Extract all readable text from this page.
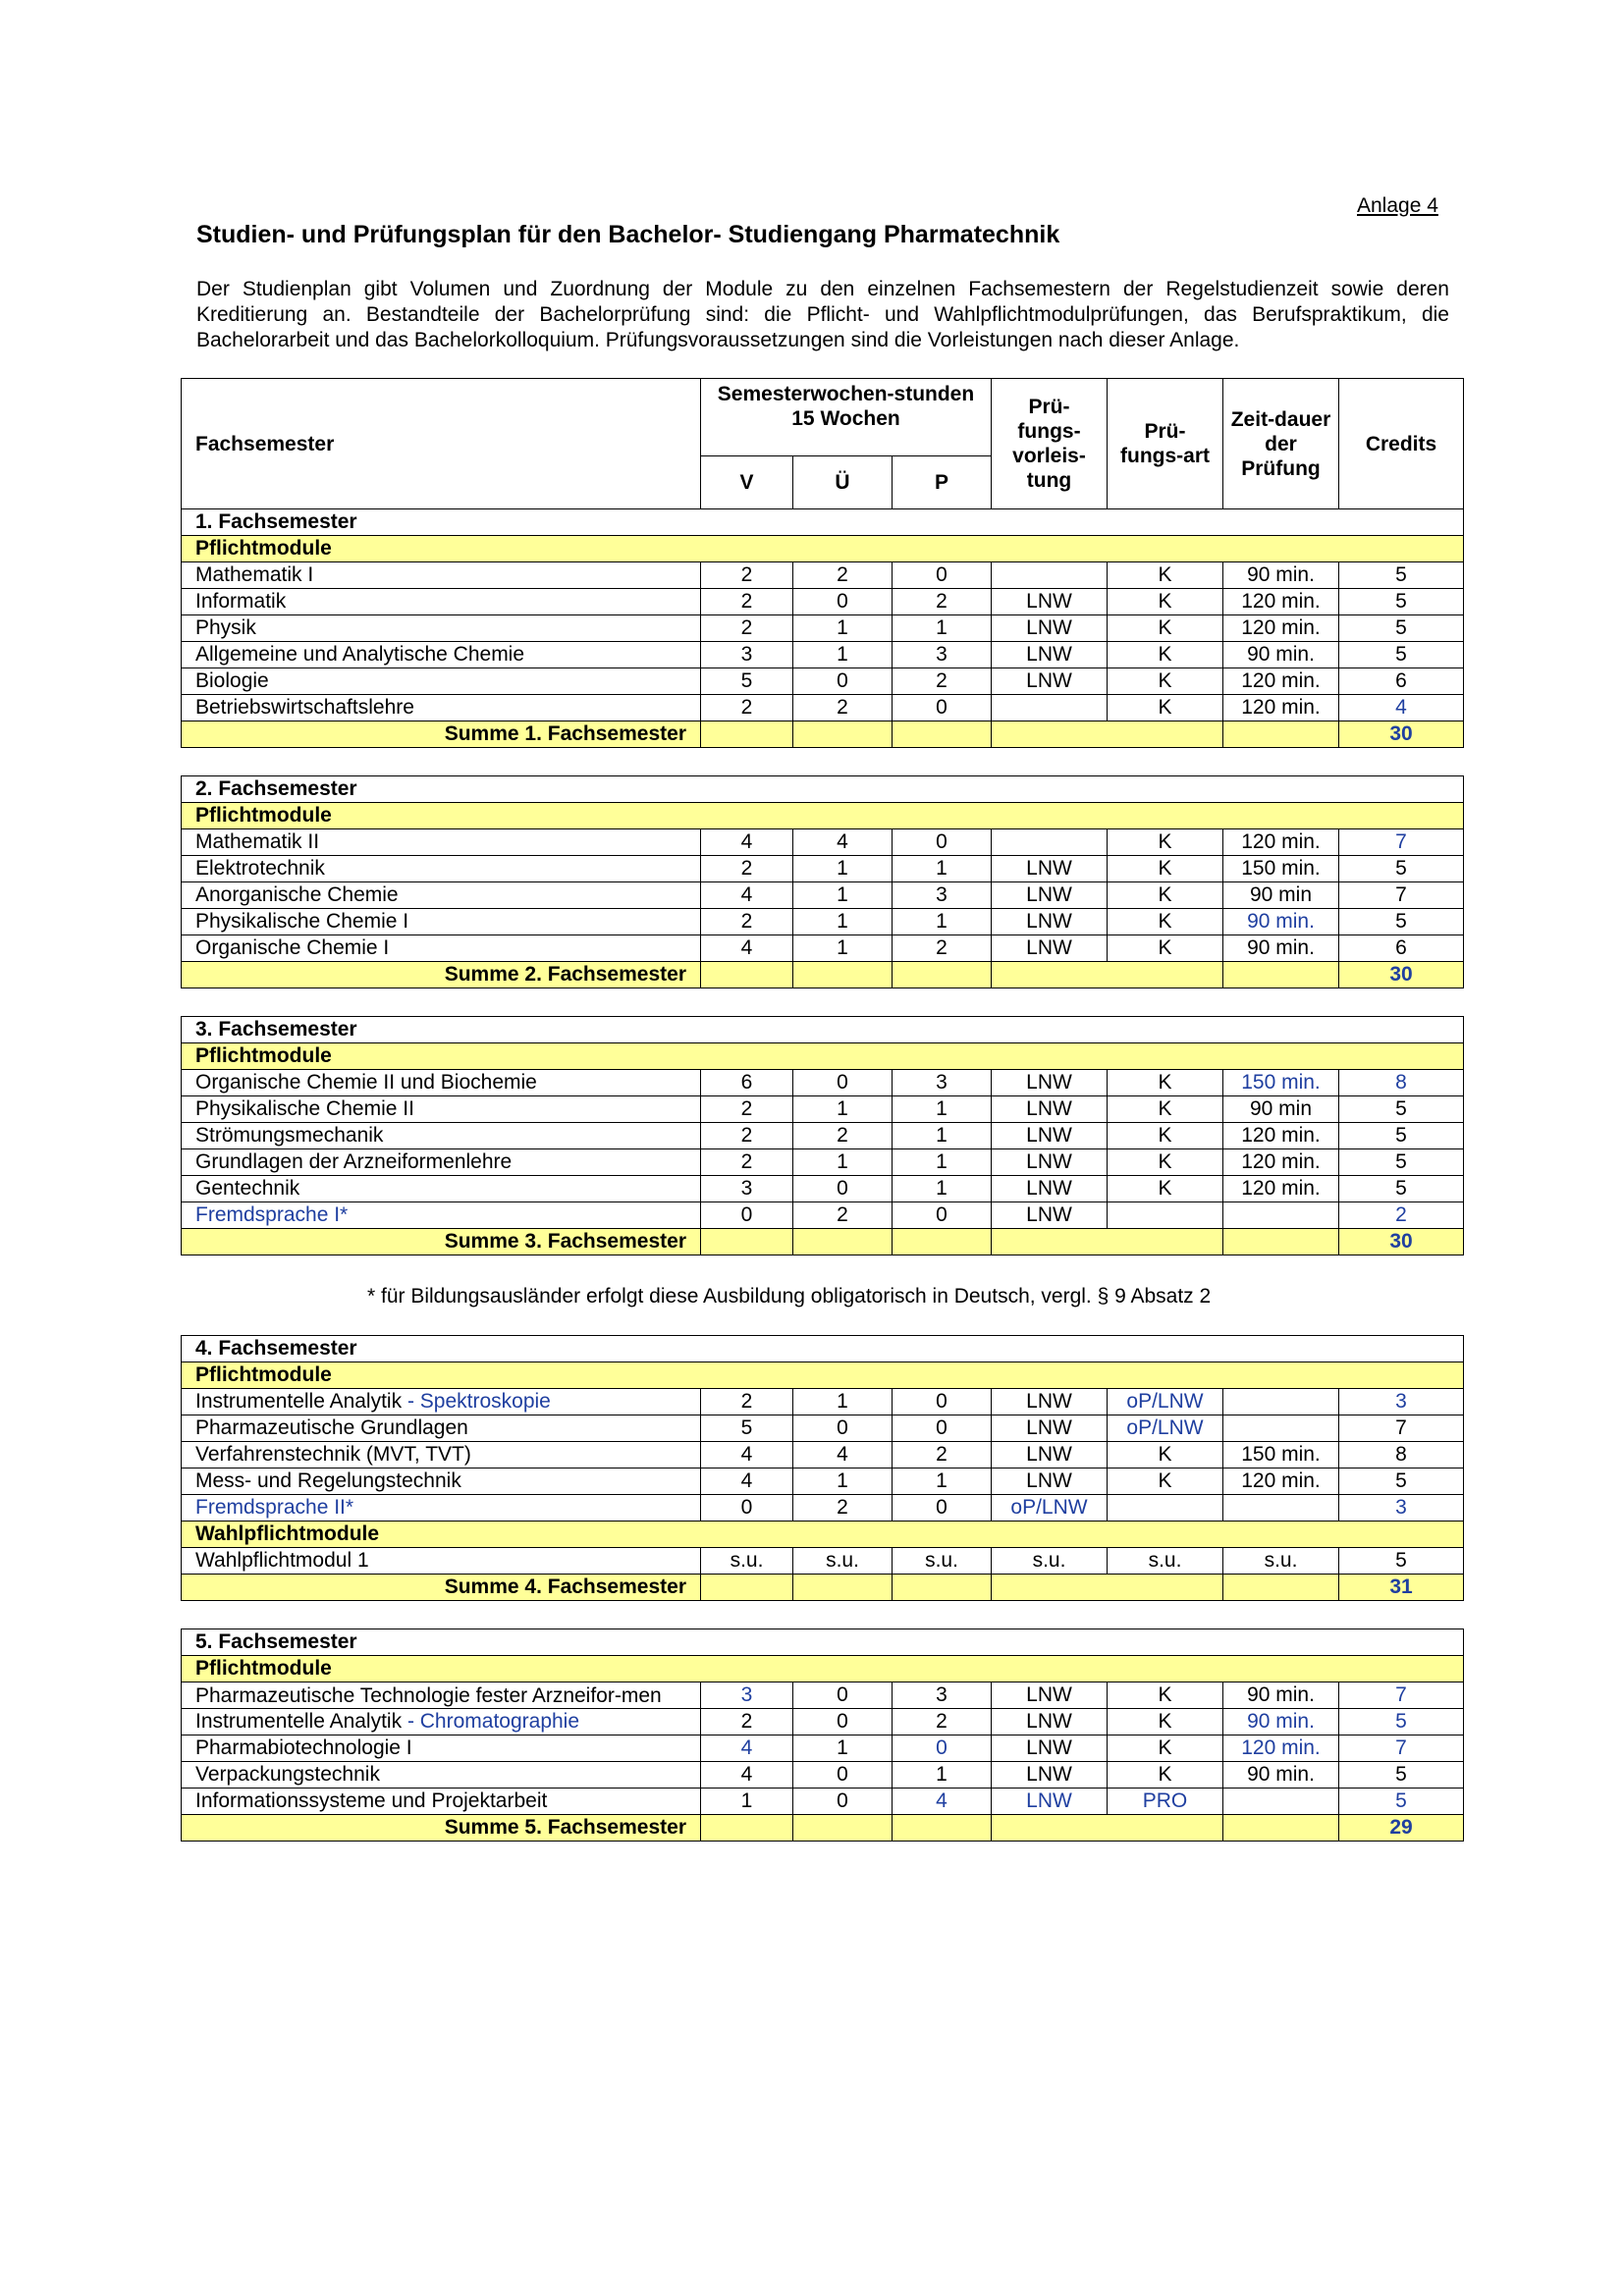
Anlage 4
Studien- und Prüfungsplan für den Bachelor- Studiengang Pharmatechnik
Der Studienplan gibt Volumen und Zuordnung der Module zu den einzelnen Fachsemestern der Regelstudienzeit sowie deren Kreditierung an. Bestandteile der Bachelorprüfung sind: die Pflicht- und Wahlpflichtmodulprüfungen, das Berufspraktikum, die Bachelorarbeit und das Bachelorkolloquium. Prüfungsvoraussetzungen sind die Vorleistungen nach dieser Anlage.
Fachsemester	Semesterwochen-stunden 15 Wochen			Prü-fungs-vorleis-tung	Prü-fungs-art	Zeit-dauer der Prüfung	Credits
	V	Ü	P				
1. Fachsemester							
Pflichtmodule							
Mathematik I	2	2	0		K	90 min.	5
Informatik	2	0	2	LNW	K	120 min.	5
Physik	2	1	1	LNW	K	120 min.	5
Allgemeine und Analytische Chemie	3	1	3	LNW	K	90 min.	5
Biologie	5	0	2	LNW	K	120 min.	6
Betriebswirtschaftslehre	2	2	0		K	120 min.	4
Summe 1. Fachsemester							30
2. Fachsemester							
Pflichtmodule							
Mathematik II	4	4	0		K	120 min.	7
Elektrotechnik	2	1	1	LNW	K	150 min.	5
Anorganische Chemie	4	1	3	LNW	K	90 min	7
Physikalische Chemie I	2	1	1	LNW	K	90 min.	5
Organische Chemie I	4	1	2	LNW	K	90 min.	6
Summe 2. Fachsemester							30
3. Fachsemester							
Pflichtmodule							
Organische Chemie II und Biochemie	6	0	3	LNW	K	150 min.	8
Physikalische Chemie II	2	1	1	LNW	K	90 min	5
Strömungsmechanik	2	2	1	LNW	K	120 min.	5
Grundlagen der Arzneiformenlehre	2	1	1	LNW	K	120 min.	5
Gentechnik	3	0	1	LNW	K	120 min.	5
Fremdsprache I*	0	2	0	LNW			2
Summe 3. Fachsemester							30
4. Fachsemester							
Pflichtmodule							
Instrumentelle Analytik - Spektroskopie	2	1	0	LNW	oP/LNW		3
Pharmazeutische Grundlagen	5	0	0	LNW	oP/LNW		7
Verfahrenstechnik (MVT, TVT)	4	4	2	LNW	K	150 min.	8
Mess- und Regelungstechnik	4	1	1	LNW	K	120 min.	5
Fremdsprache II*	0	2	0	oP/LNW			3
Wahlpflichtmodule							
Wahlpflichtmodul 1	s.u.	s.u.	s.u.	s.u.	s.u.	s.u.	5
Summe 4. Fachsemester							31
5. Fachsemester							
Pflichtmodule							
Pharmazeutische Technologie fester Arzneifor-men	3	0	3	LNW	K	90 min.	7
Instrumentelle Analytik - Chromatographie	2	0	2	LNW	K	90 min.	5
Pharmabiotechnologie I	4	1	0	LNW	K	120 min.	7
Verpackungstechnik	4	0	1	LNW	K	90 min.	5
Informationssysteme und Projektarbeit	1	0	4	LNW	PRO		5
Summe 5. Fachsemester							29
* für Bildungsausländer erfolgt diese Ausbildung obligatorisch in Deutsch, vergl. § 9 Absatz 2
